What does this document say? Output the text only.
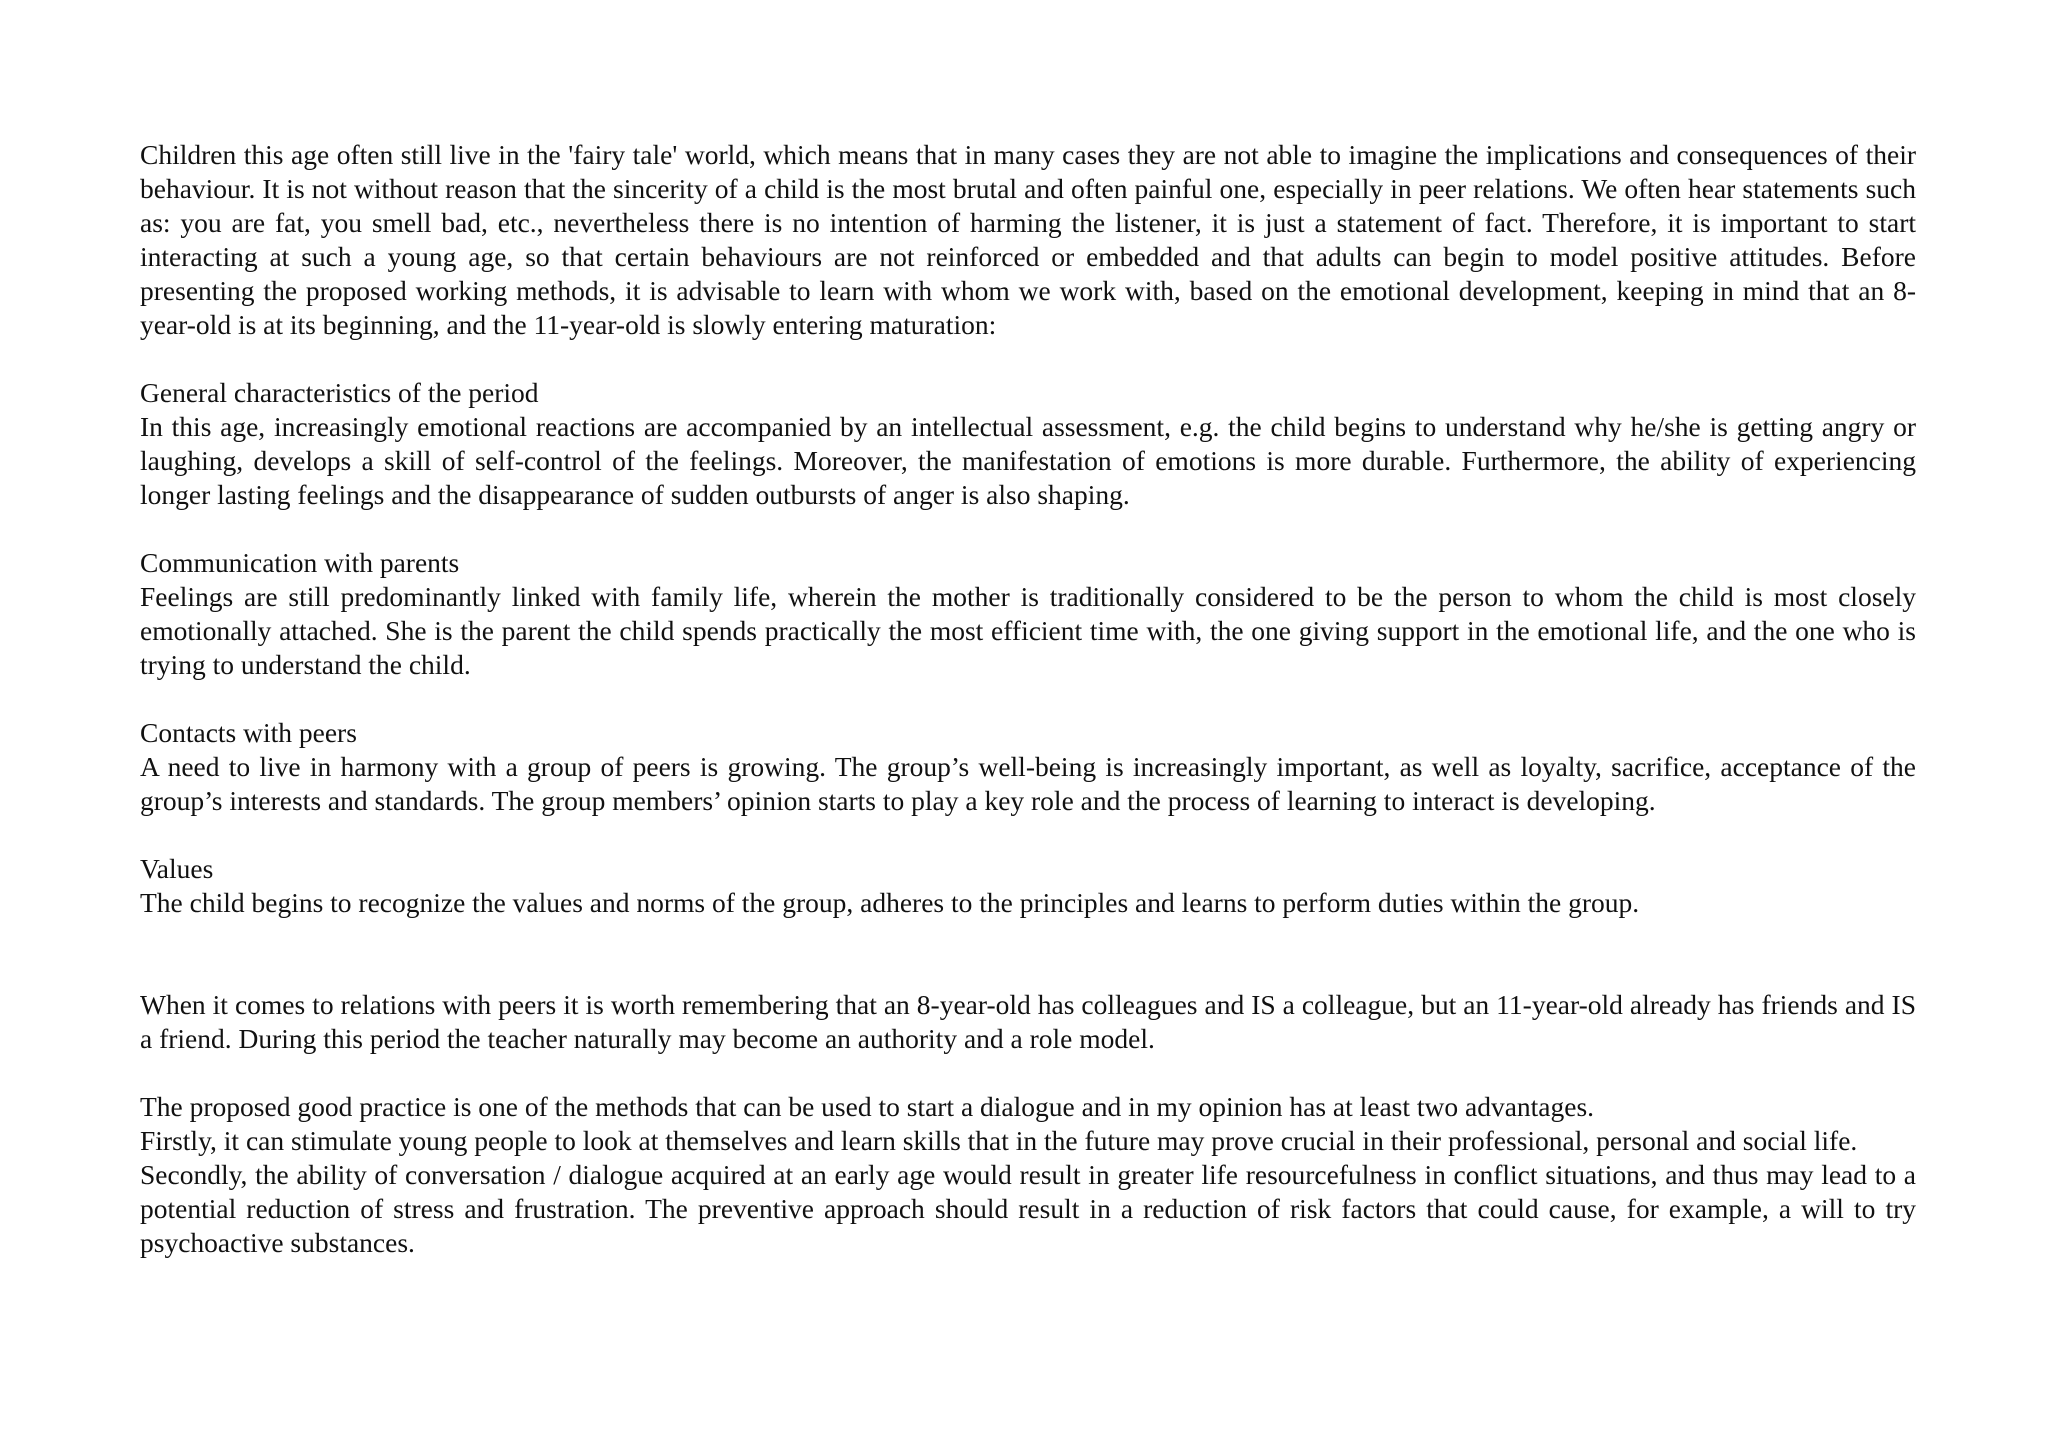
Children this age often still live in the 'fairy tale' world, which means that in many cases they are not able to imagine the implications and consequences of their behaviour. It is not without reason that the sincerity of a child is the most brutal and often painful one, especially in peer relations. We often hear statements such as: you are fat, you smell bad, etc., nevertheless there is no intention of harming the listener, it is just a statement of fact. Therefore, it is important to start interacting at such a young age, so that certain behaviours are not reinforced or embedded and that adults can begin to model positive attitudes. Before presenting the proposed working methods, it is advisable to learn with whom we work with, based on the emotional development, keeping in mind that an 8-year-old is at its beginning, and the 11-year-old is slowly entering maturation:

General characteristics of the period

In this age, increasingly emotional reactions are accompanied by an intellectual assessment, e.g. the child begins to understand why he/she is getting angry or laughing, develops a skill of self-control of the feelings. Moreover, the manifestation of emotions is more durable. Furthermore, the ability of experiencing longer lasting feelings and the disappearance of sudden outbursts of anger is also shaping.

Communication with parents

Feelings are still predominantly linked with family life, wherein the mother is traditionally considered to be the person to whom the child is most closely emotionally attached. She is the parent the child spends practically the most efficient time with, the one giving support in the emotional life, and the one who is trying to understand the child.

Contacts with peers

A need to live in harmony with a group of peers is growing. The group’s well-being is increasingly important, as well as loyalty, sacrifice, acceptance of the group’s interests and standards. The group members’ opinion starts to play a key role and the process of learning to interact is developing.

Values

The child begins to recognize the values and norms of the group, adheres to the principles and learns to perform duties within the group.

When it comes to relations with peers it is worth remembering that an 8-year-old has colleagues and IS a colleague, but an 11-year-old already has friends and IS a friend. During this period the teacher naturally may become an authority and a role model.

The proposed good practice is one of the methods that can be used to start a dialogue and in my opinion has at least two advantages.

Firstly, it can stimulate young people to look at themselves and learn skills that in the future may prove crucial in their professional, personal and social life.

Secondly, the ability of conversation / dialogue acquired at an early age would result in greater life resourcefulness in conflict situations, and thus may lead to a potential reduction of stress and frustration. The preventive approach should result in a reduction of risk factors that could cause, for example, a will to try psychoactive substances.
